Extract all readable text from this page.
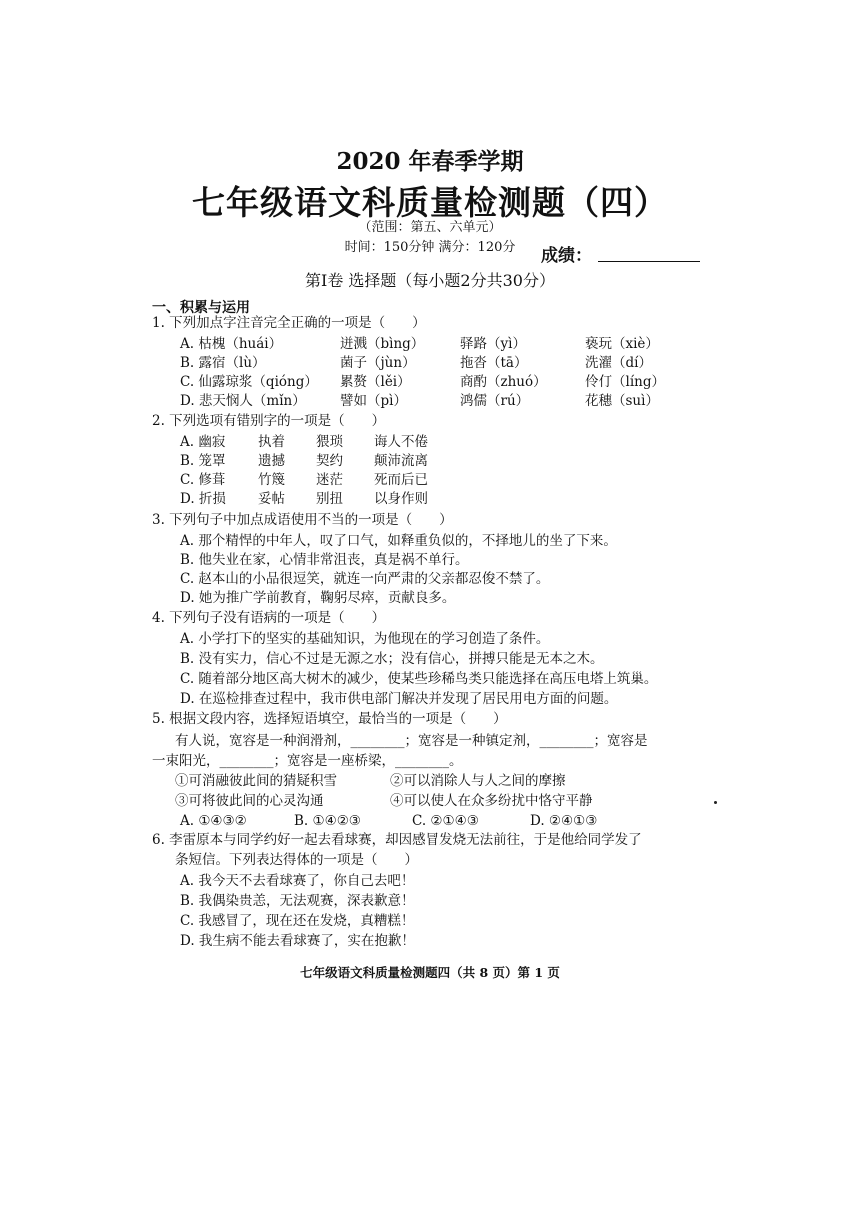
2020 年春季学期
七年级语文科质量检测题（四）
（范围：第五、六单元）
时间：150分钟 满分：120分	成绩：
第Ⅰ卷 选择题（每小题2分共30分）
一、积累与运用
1. 下列加点字注音完全正确的一项是（　　）
A. 枯槐（huái）	迸溅（bìng）	驿路（yì）	亵玩（xiè）
B. 露宿（lù）	菌子（jùn）	拖沓（tā）	洗濯（dí）
C. 仙露琼浆（qióng） 累赘（lěi）	商酌（zhuó）	伶仃（líng）
D. 悲天悯人（mǐn）	譬如（pì）	鸿儒（rú）	花穗（suì）
2. 下列选项有错别字的一项是（　　）
A. 幽寂 执着 猥琐 诲人不倦
B. 笼罩 遗撼 契约 颠沛流离
C. 修葺 竹篾 迷茫 死而后已
D. 折损 妥帖 别扭 以身作则
3. 下列句子中加点成语使用不当的一项是（　　）
A. 那个精悍的中年人，叹了口气，如释重负似的，不择地儿的坐了下来。
B. 他失业在家，心情非常沮丧，真是祸不单行。
C. 赵本山的小品很逗笑，就连一向严肃的父亲都忍俊不禁了。
D. 她为推广学前教育，鞠躬尽瘁，贡献良多。
4. 下列句子没有语病的一项是（　　）
A. 小学打下的坚实的基础知识，为他现在的学习创造了条件。
B. 没有实力，信心不过是无源之水；没有信心，拼搏只能是无本之木。
C. 随着部分地区高大树木的减少，使某些珍稀鸟类只能选择在高压电塔上筑巢。
D. 在巡检排查过程中，我市供电部门解决并发现了居民用电方面的问题。
5. 根据文段内容，选择短语填空，最恰当的一项是（　　）
有人说，宽容是一种润滑剂，________；宽容是一种镇定剂，________；宽容是
一束阳光，________；宽容是一座桥梁，________。
①可消融彼此间的猜疑积雪	②可以消除人与人之间的摩擦
③可将彼此间的心灵沟通	④可以使人在众多纷扰中恪守平静
A. ①④③②	B. ①④②③	C. ②①④③	D. ②④①③
6. 李雷原本与同学约好一起去看球赛，却因感冒发烧无法前往，于是他给同学发了
条短信。下列表达得体的一项是（　　）
A. 我今天不去看球赛了，你自己去吧！
B. 我偶染贵恙，无法观赛，深表歉意！
C. 我感冒了，现在还在发烧，真糟糕！
D. 我生病不能去看球赛了，实在抱歉！
七年级语文科质量检测题四（共 8 页）第 1 页
